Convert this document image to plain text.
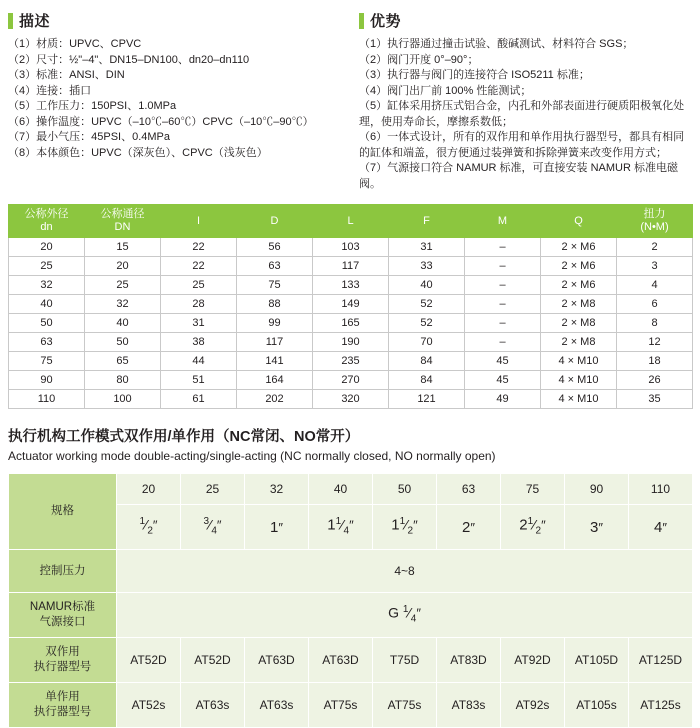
描述
（1）材质：UPVC、CPVC
（2）尺寸：½"–4"、DN15–DN100、dn20–dn110
（3）标准：ANSI、DIN
（4）连接：插口
（5）工作压力：150PSI、1.0MPa
（6）操作温度：UPVC（–10℃–60℃）CPVC（–10℃–90℃）
（7）最小气压：45PSI、0.4MPa
（8）本体颜色：UPVC（深灰色）、CPVC（浅灰色）
优势
（1）执行器通过撞击试验、酸碱测试、材料符合 SGS；
（2）阀门开度 0°–90°；
（3）执行器与阀门的连接符合 ISO5211 标准；
（4）阀门出厂前 100% 性能测试；
（5）缸体采用挤压式铝合金，内孔和外部表面进行硬质阳极氧化处理，使用寿命长，摩擦系数低；
（6）一体式设计，所有的双作用和单作用执行器型号，都具有相同的缸体和端盖，很方便通过装弹簧和拆除弹簧来改变作用方式；
（7）气源接口符合 NAMUR 标准，可直接安装 NAMUR 标准电磁阀。
公称外径
dn

公称通径
DN

I	D	L	F	M	Q

扭力
(N•M)

20	15	22	56	103	31	–	2 × M6	2
25	20	22	63	117	33	–	2 × M6	3
32	25	25	75	133	40	–	2 × M6	4
40	32	28	88	149	52	–	2 × M8	6
50	40	31	99	165	52	–	2 × M8	8
63	50	38	117	190	70	–	2 × M8	12
75	65	44	141	235	84	45	4 × M10	18
90	80	51	164	270	84	45	4 × M10	26
110	100	61	202	320	121	49	4 × M10	35
执行机构工作模式双作用/单作用（NC常闭、NO常开）
Actuator working mode double-acting/single-acting (NC normally closed, NO normally open)
规格	20	25	32	40	50	63	75	90	110
	$^1⁄_2''$	$^3⁄_4''$	1″	$1^1⁄_4''$	$1^1⁄_2''$	2″	$2^1⁄_2''$	3″	4″
控制压力	4~8								

NAMUR标准
气源接口	G $^1⁄_4''$								

双作用
执行器型号	AT52D	AT52D	AT63D	AT63D	T75D	AT83D	AT92D	AT105D	AT125D

单作用
执行器型号	AT52s	AT63s	AT63s	AT75s	AT75s	AT83s	AT92s	AT105s	AT125s
